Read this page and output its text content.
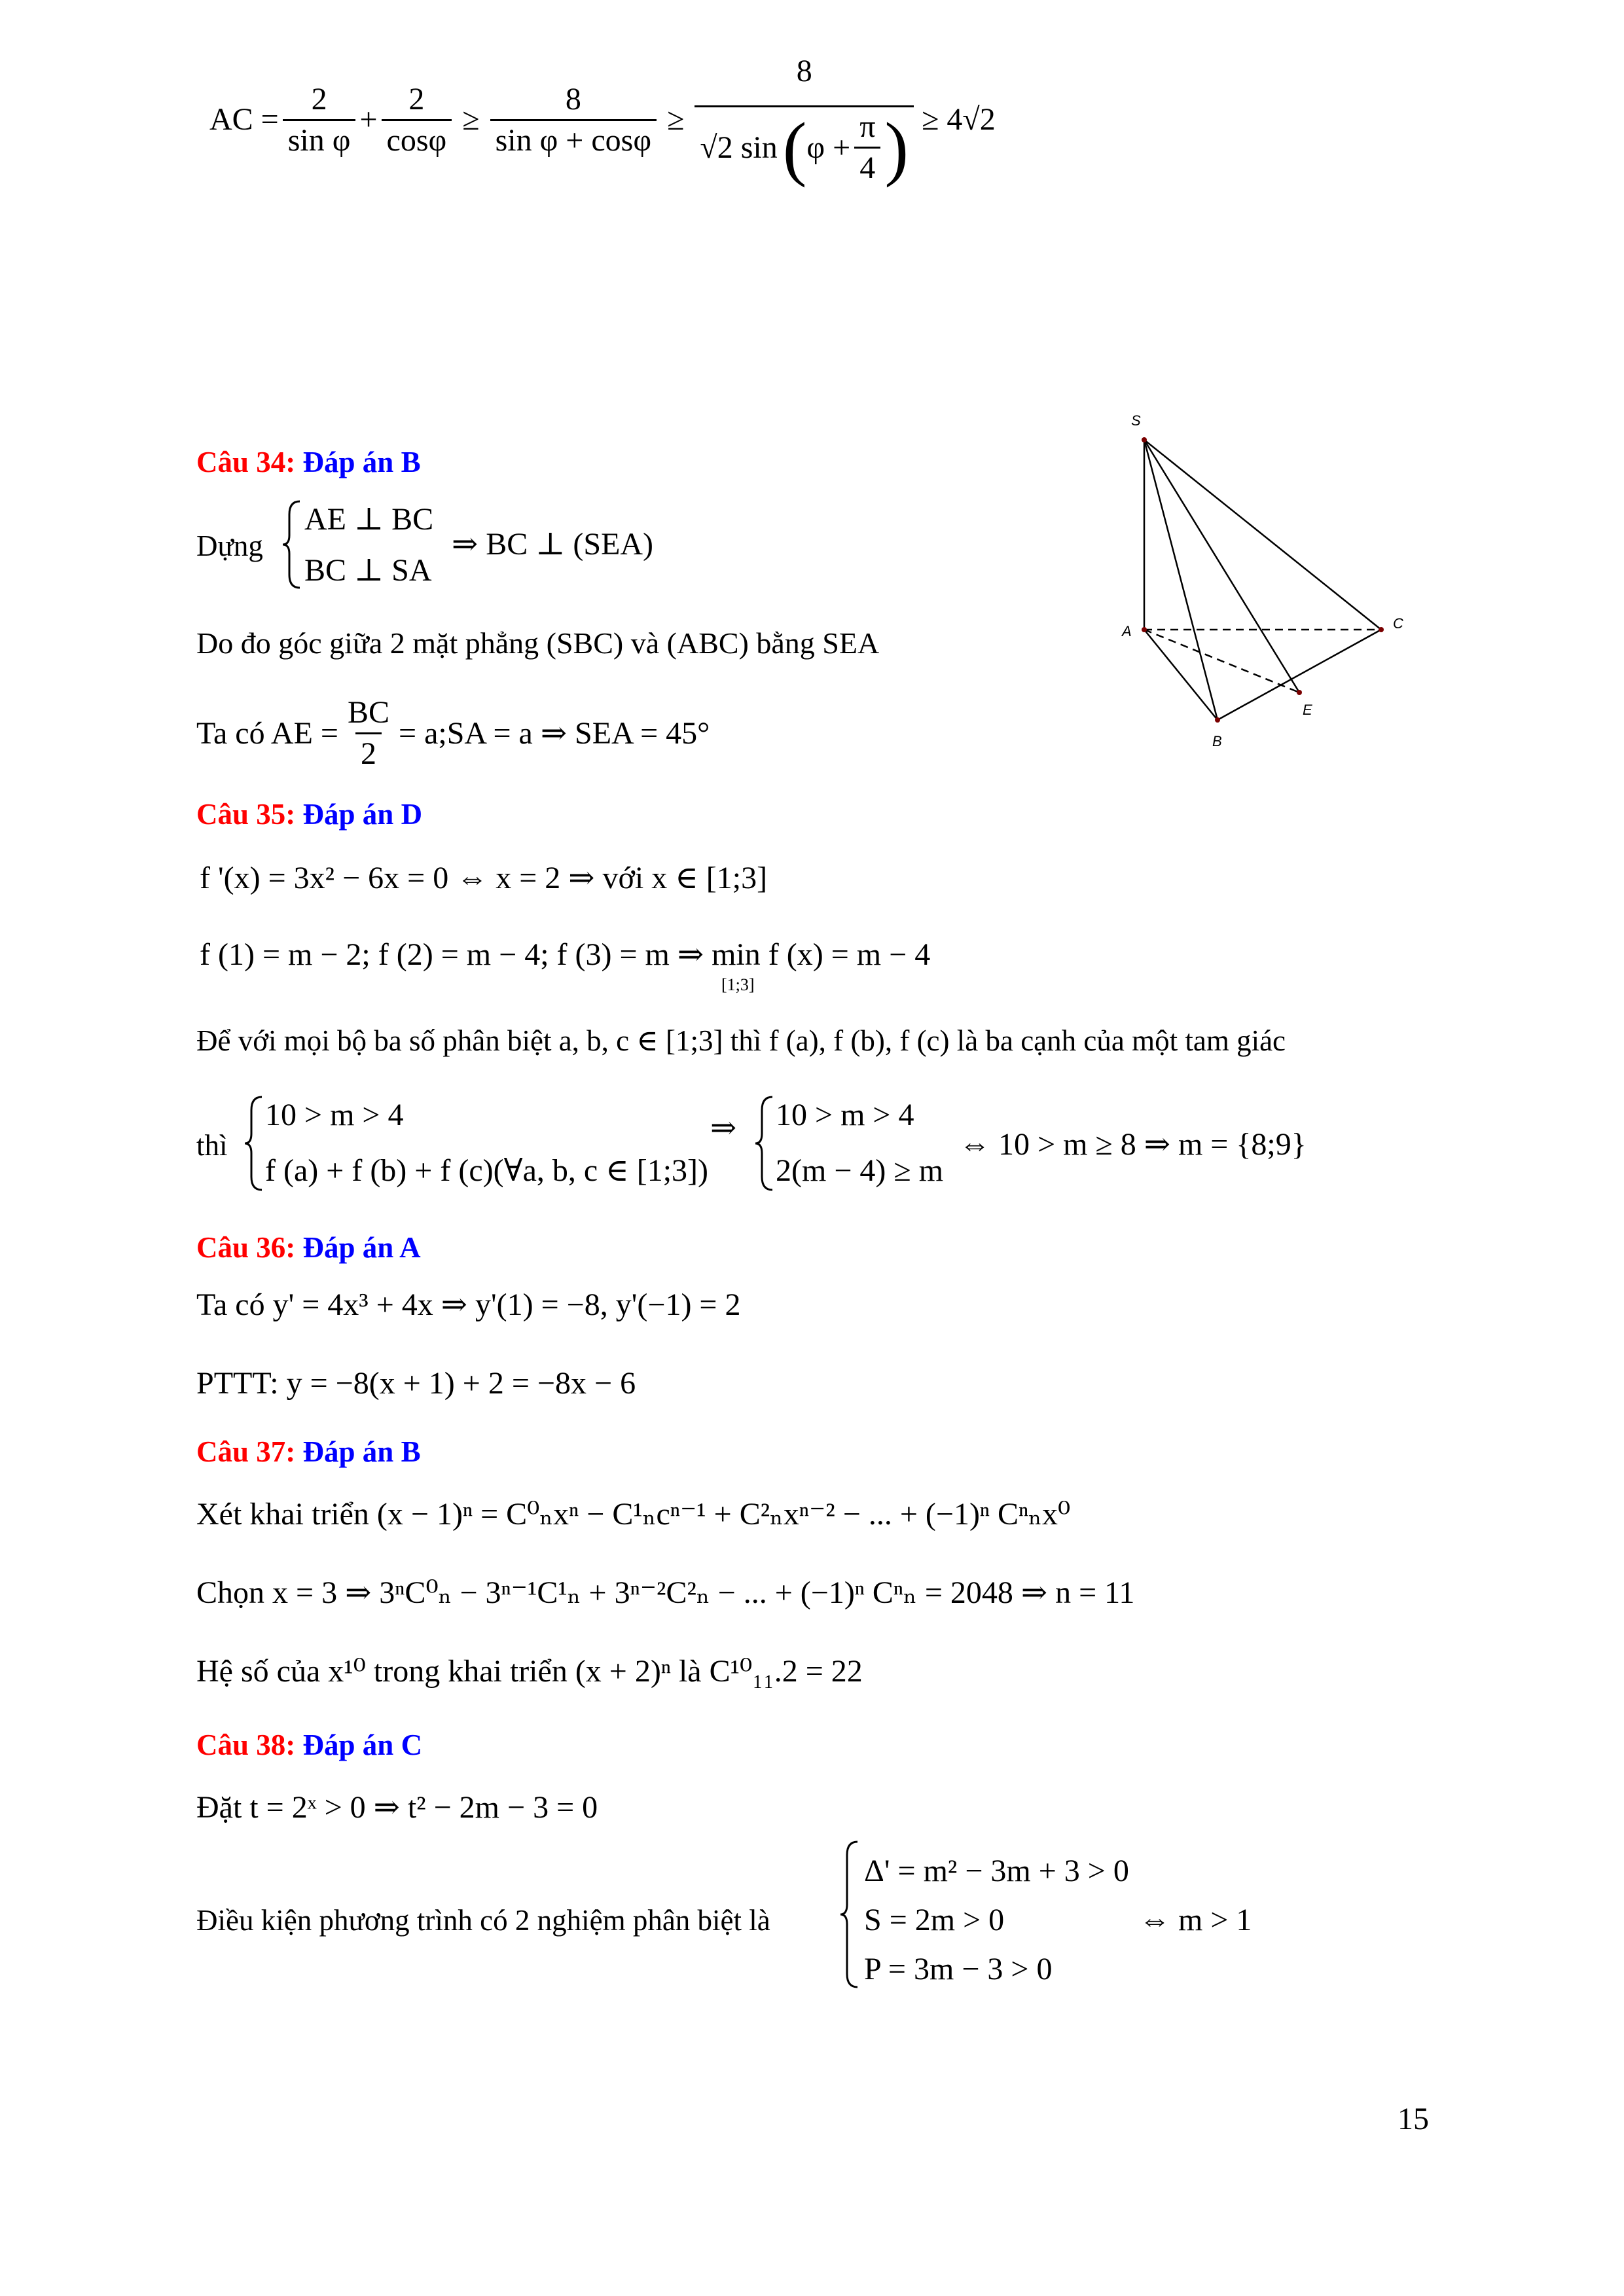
AC = $\frac{2}{\text{sin φ}} + \frac{2}{\cos\varphi} \ge \frac{8}{\text{sin φ + cosφ}}$ ≥
8
√2 sin ( $\varphi + \frac{\pi}{4}$ ) ≥ 4√2
Câu 34: Đáp án B
Dựng
AE ⊥ BC
BC ⊥ SA
⇒ BC ⊥ (SEA)
Do đo góc giữa 2 mặt phẳng (SBC) và (ABC) bằng SEA
Ta có AE = $\frac{BC}{2}$ = a;SA = a ⇒ SEA = 45°
S
A
B
C
E
Câu 35: Đáp án D
f '(x) = 3x² − 6x = 0 ⇔ x = 2 ⇒ với x ∈ [1;3]
f (1) = m − 2; f (2) = m − 4; f (3) = m ⇒ min f (x) = m − 4
[1;3]
Để với mọi bộ ba số phân biệt a, b, c ∈ [1;3] thì f (a), f (b), f (c) là ba cạnh của một tam giác
thì
10 > m > 4
f (a) + f (b) + f (c)(∀a, b, c ∈ [1;3])
⇒ 10 > m > 4
2(m − 4) ≥ m
⇔ 10 > m ≥ 8 ⇒ m = {8;9}
Câu 36: Đáp án A
Ta có y' = 4x³ + 4x ⇒ y'(1) = −8, y'(−1) = 2
PTTT: y = −8(x + 1) + 2 = −8x − 6
Câu 37: Đáp án B
Xét khai triển (x − 1)ⁿ = C⁰ₙxⁿ − C¹ₙcⁿ⁻¹ + C²ₙxⁿ⁻² − ... + (−1)ⁿ Cⁿₙx⁰
Chọn x = 3 ⇒ 3ⁿC⁰ₙ − 3ⁿ⁻¹C¹ₙ + 3ⁿ⁻²C²ₙ − ... + (−1)ⁿ Cⁿₙ = 2048 ⇒ n = 11
Hệ số của x¹⁰ trong khai triển (x + 2)ⁿ là C¹⁰₁₁.2 = 22
Câu 38: Đáp án C
Đặt t = 2ˣ > 0 ⇒ t² − 2m − 3 = 0
Điều kiện phương trình có 2 nghiệm phân biệt là
Δ' = m² − 3m + 3 > 0
S = 2m > 0
P = 3m − 3 > 0
⇔ m > 1
15
